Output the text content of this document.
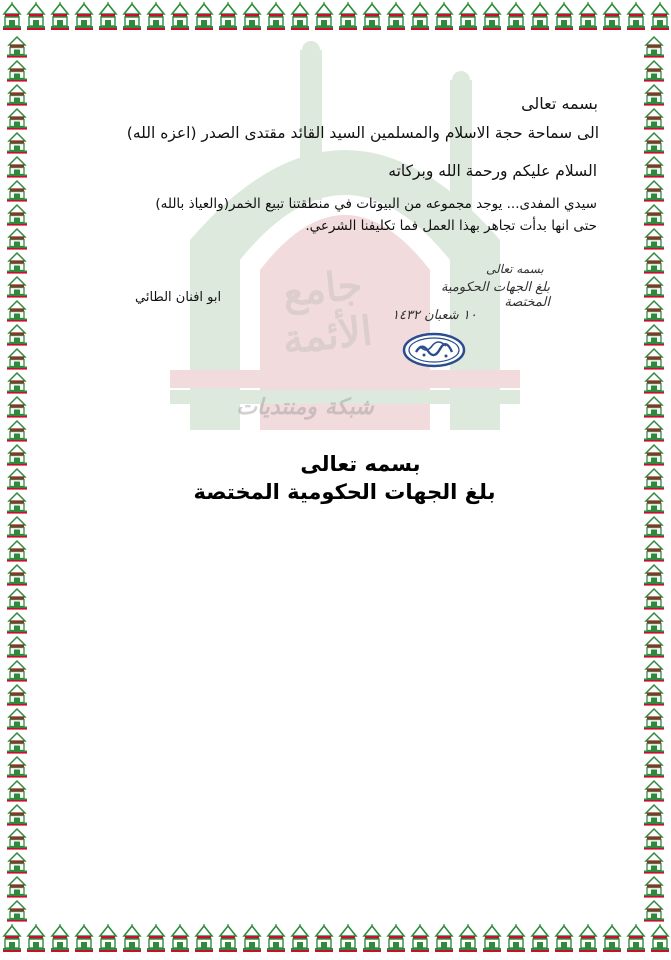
جامع الأئمة
شبكة ومنتديات
بسمه تعالى
الى سماحة حجة الاسلام والمسلمين السيد القائد مقتدى الصدر (اعزه الله)
السلام عليكم ورحمة الله وبركاته
سيدي المفدى... يوجد مجموعه من البيوتات في منطقتنا تبيع الخمر(والعياذ بالله)
حتى انها بدأت تجاهر بهذا العمل فما تكليفنا الشرعي.
ابو افنان الطائي
بسمه تعالى
بلغ الجهات الحكومية المختصة
١٠ شعبان ١٤٣٢
بسمه تعالى
بلغ الجهات الحكومية المختصة
